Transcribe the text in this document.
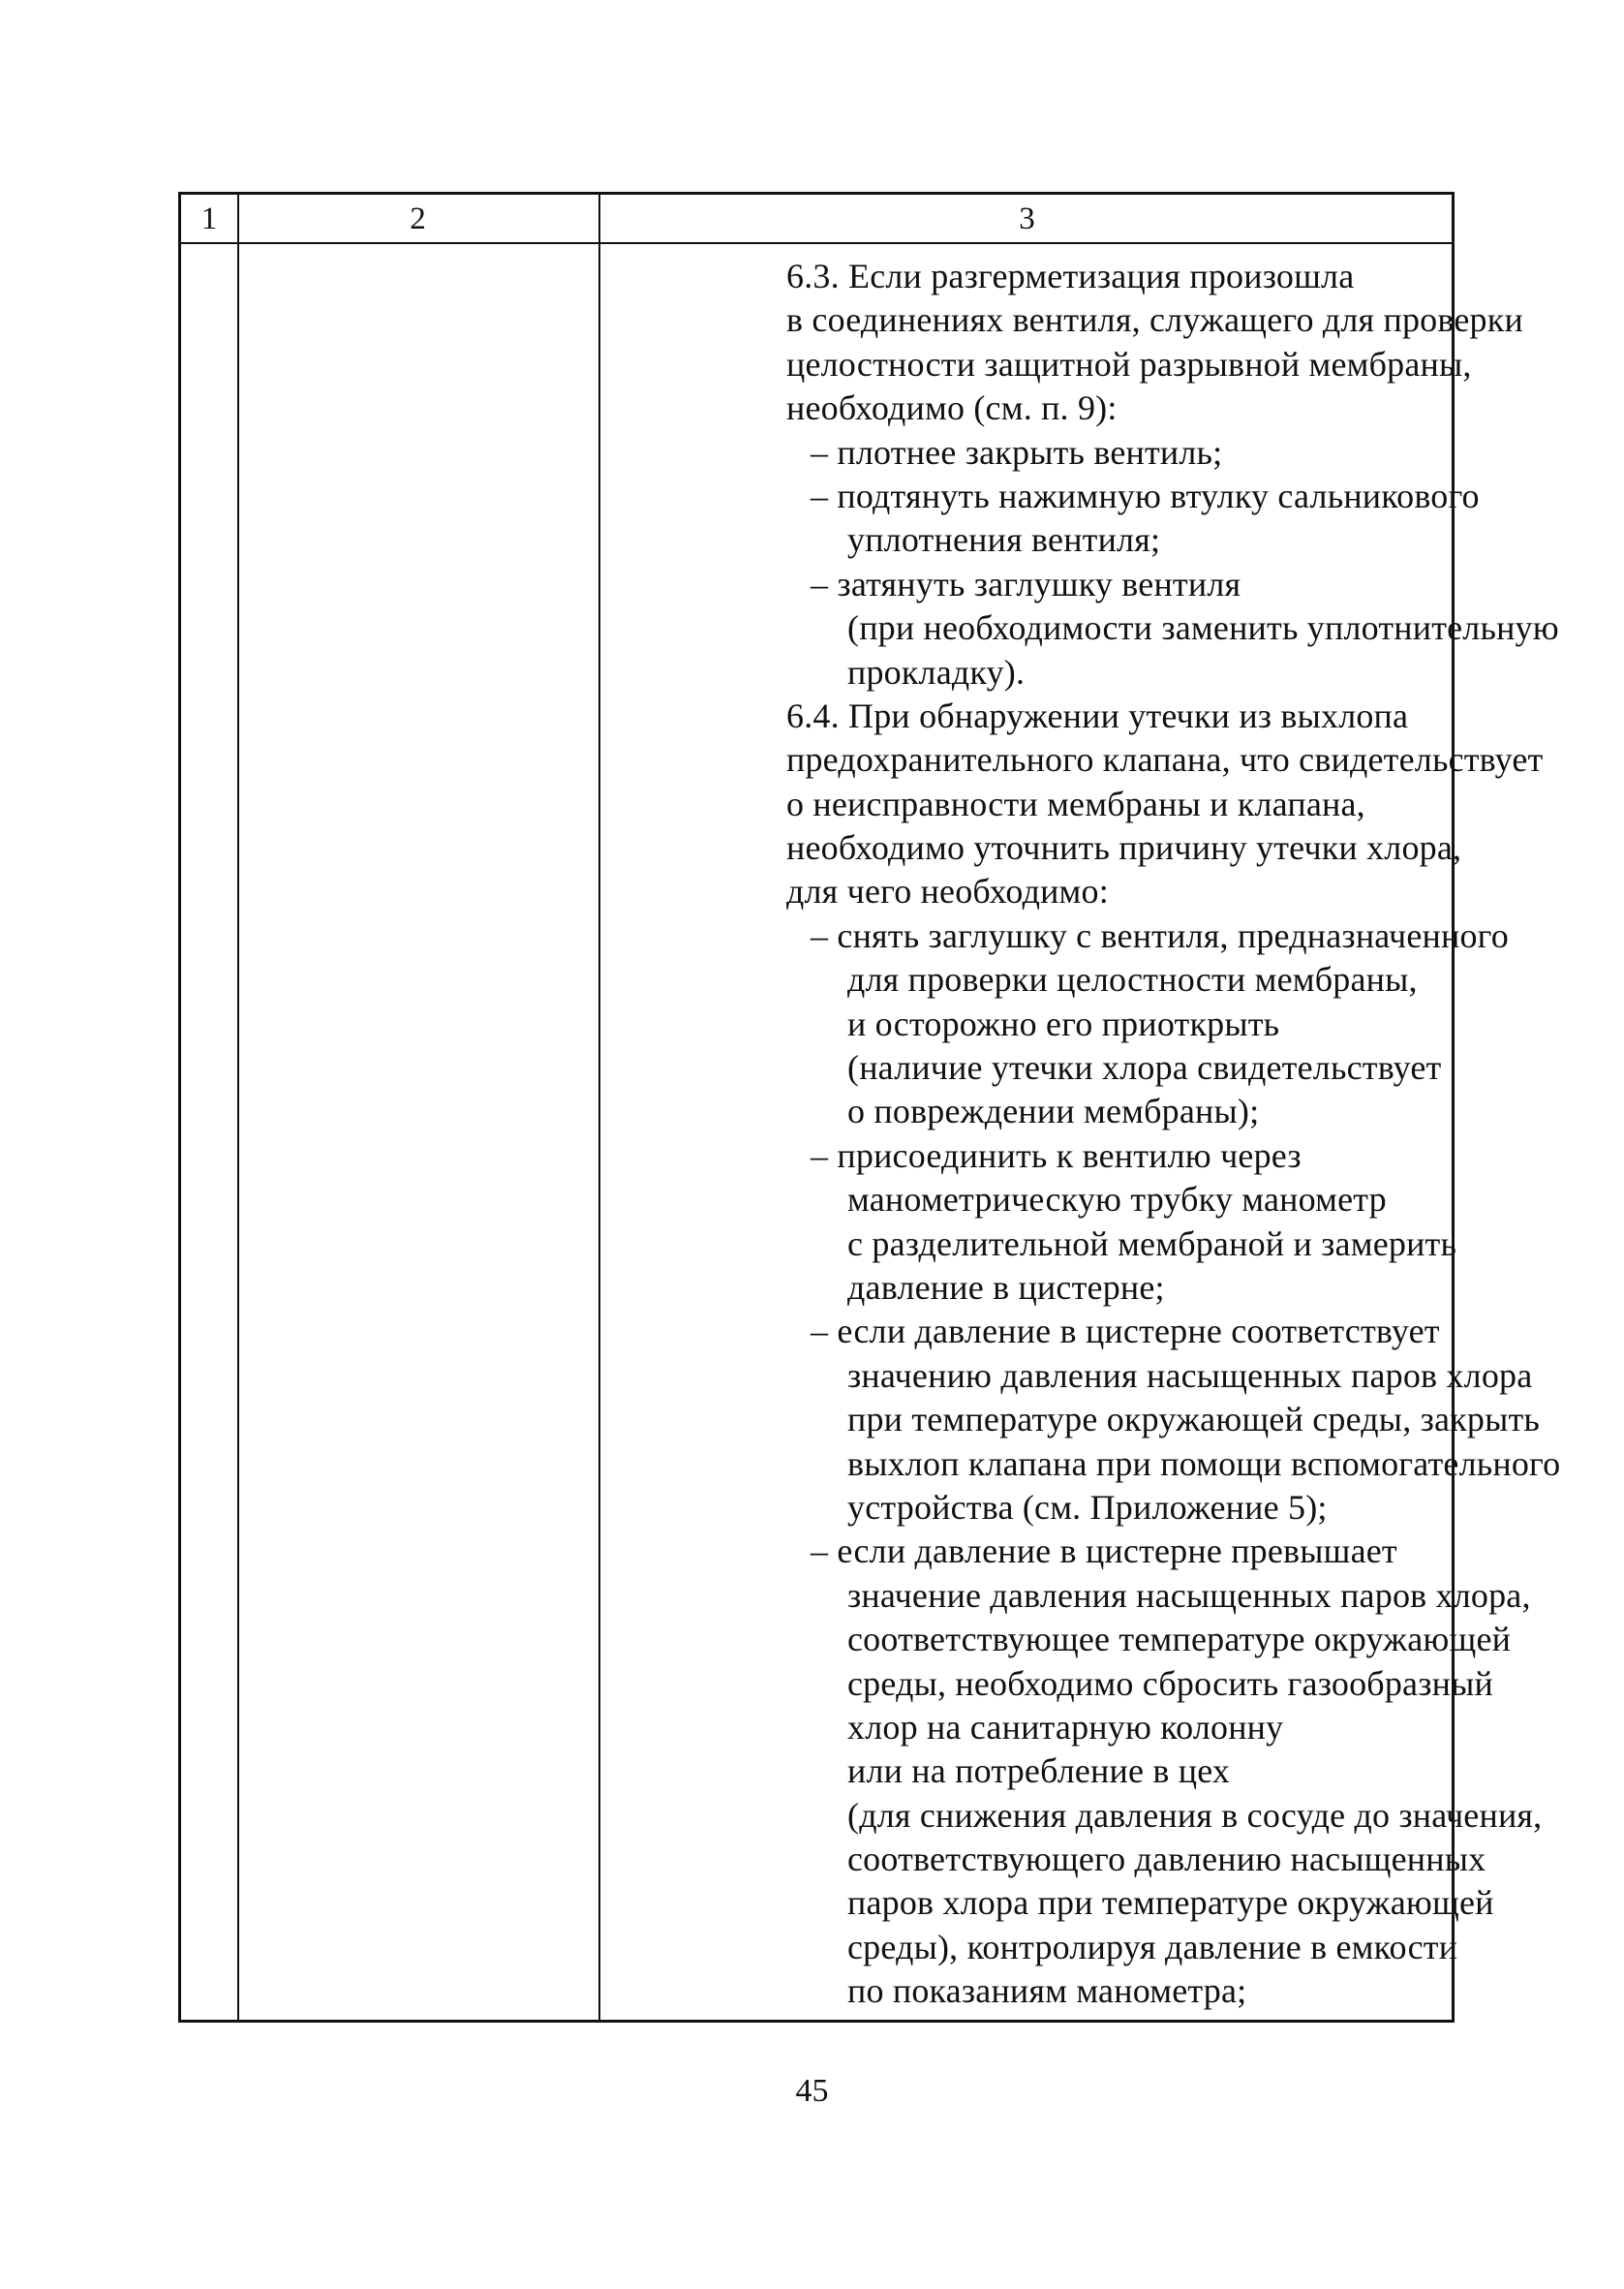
1	2	3
6.3. Если разгерметизация произошла
в соединениях вентиля, служащего для проверки
целостности защитной разрывной мембраны,
необходимо (см. п. 9):
– плотнее закрыть вентиль;
– подтянуть нажимную втулку сальникового
уплотнения вентиля;
– затянуть заглушку вентиля
(при необходимости заменить уплотнительную
прокладку).
6.4. При обнаружении утечки из выхлопа
предохранительного клапана, что свидетельствует
о неисправности мембраны и клапана,
необходимо уточнить причину утечки хлора,
для чего необходимо:
– снять заглушку с вентиля, предназначенного
для проверки целостности мембраны,
и осторожно его приоткрыть
(наличие утечки хлора свидетельствует
о повреждении мембраны);
– присоединить к вентилю через
манометрическую трубку манометр
с разделительной мембраной и замерить
давление в цистерне;
– если давление в цистерне соответствует
значению давления насыщенных паров хлора
при температуре окружающей среды, закрыть
выхлоп клапана при помощи вспомогательного
устройства (см. Приложение 5);
– если давление в цистерне превышает
значение давления насыщенных паров хлора,
соответствующее температуре окружающей
среды, необходимо сбросить газообразный
хлор на санитарную колонну
или на потребление в цех
(для снижения давления в сосуде до значения,
соответствующего давлению насыщенных
паров хлора при температуре окружающей
среды), контролируя давление в емкости
по показаниям манометра;
45
